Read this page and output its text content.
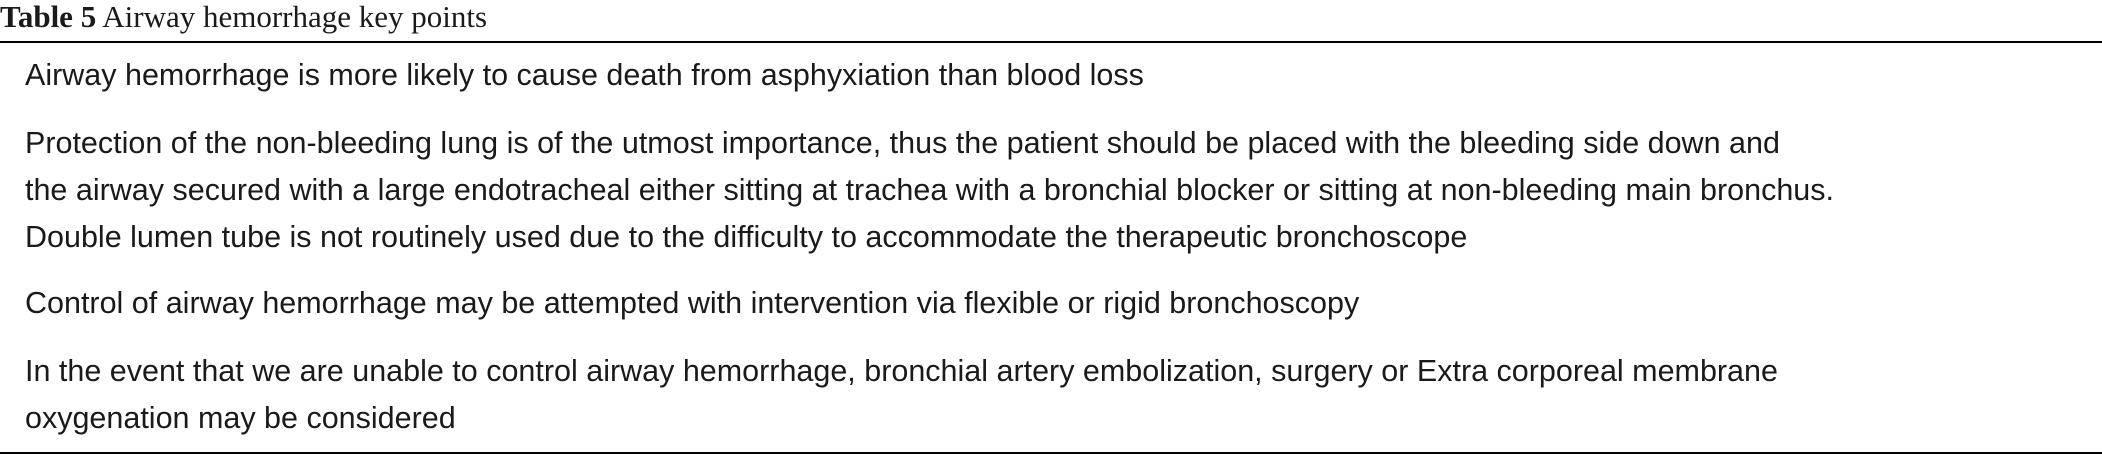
Table 5 Airway hemorrhage key points
Airway hemorrhage is more likely to cause death from asphyxiation than blood loss
Protection of the non-bleeding lung is of the utmost importance, thus the patient should be placed with the bleeding side down and
the airway secured with a large endotracheal either sitting at trachea with a bronchial blocker or sitting at non-bleeding main bronchus.
Double lumen tube is not routinely used due to the difficulty to accommodate the therapeutic bronchoscope
Control of airway hemorrhage may be attempted with intervention via flexible or rigid bronchoscopy
In the event that we are unable to control airway hemorrhage, bronchial artery embolization, surgery or Extra corporeal membrane
oxygenation may be considered
